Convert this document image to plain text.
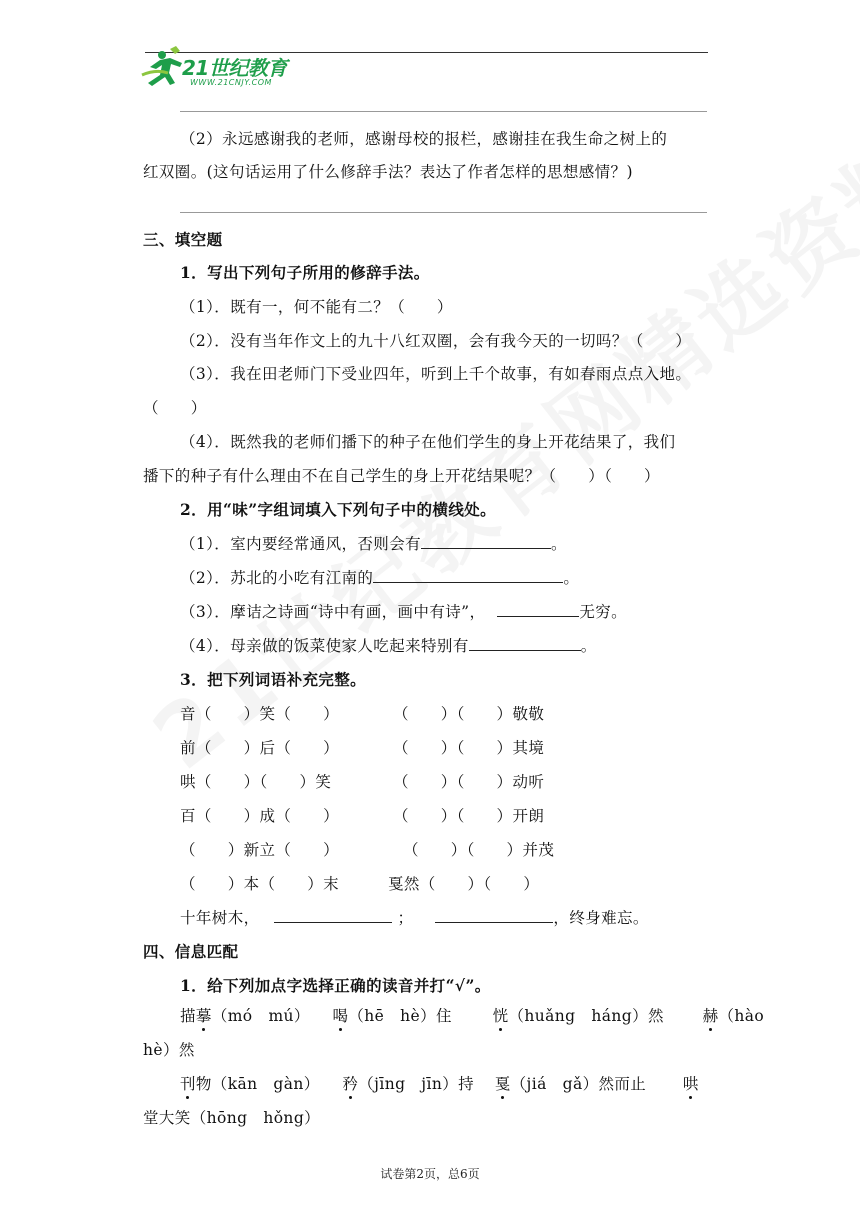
21世纪教育
WWW.21CNJY.COM
（2）永远感谢我的老师，感谢母校的报栏，感谢挂在我生命之树上的
红双圈。(这句话运用了什么修辞手法？表达了作者怎样的思想感情？)
三、填空题
1．写出下列句子所用的修辞手法。
（1）．既有一，何不能有二？（　　）
（2）．没有当年作文上的九十八红双圈，会有我今天的一切吗？（　　）
（3）．我在田老师门下受业四年，听到上千个故事，有如春雨点点入地。
（　　）
（4）．既然我的老师们播下的种子在他们学生的身上开花结果了，我们
播下的种子有什么理由不在自己学生的身上开花结果呢？（　　）（　　）
2．用“味”字组词填入下列句子中的横线处。
（1）．室内要经常通风，否则会有	。
（2）．苏北的小吃有江南的	。
（3）．摩诘之诗画“诗中有画，画中有诗”，	无穷。
（4）．母亲做的饭菜使家人吃起来特别有	。
3．把下列词语补充完整。
音（　　）笑（　　）	（　　）（　　）敬敬
前（　　）后（　　）	（　　）（　　）其境
哄（　　）（　　）笑	（　　）（　　）动听
百（　　）成（　　）	（　　）（　　）开朗
（　　）新立（　　）	（　　）（　　）并茂
（　　）本（　　）末	戛然（　　）（　　）
十年树木，	；	，终身难忘。
四、信息匹配
1．给下列加点字选择正确的读音并打“√”。
描摹（mó　mú） 喝（hē　hè）住	恍（huǎng　háng）然 赫（hào
hè）然
刊物（kān　gàn） 矜（jīng　jīn）持 戛（jiá　gǎ）然而止 哄
堂大笑（hōng　hǒng）
试卷第2页，总6页
